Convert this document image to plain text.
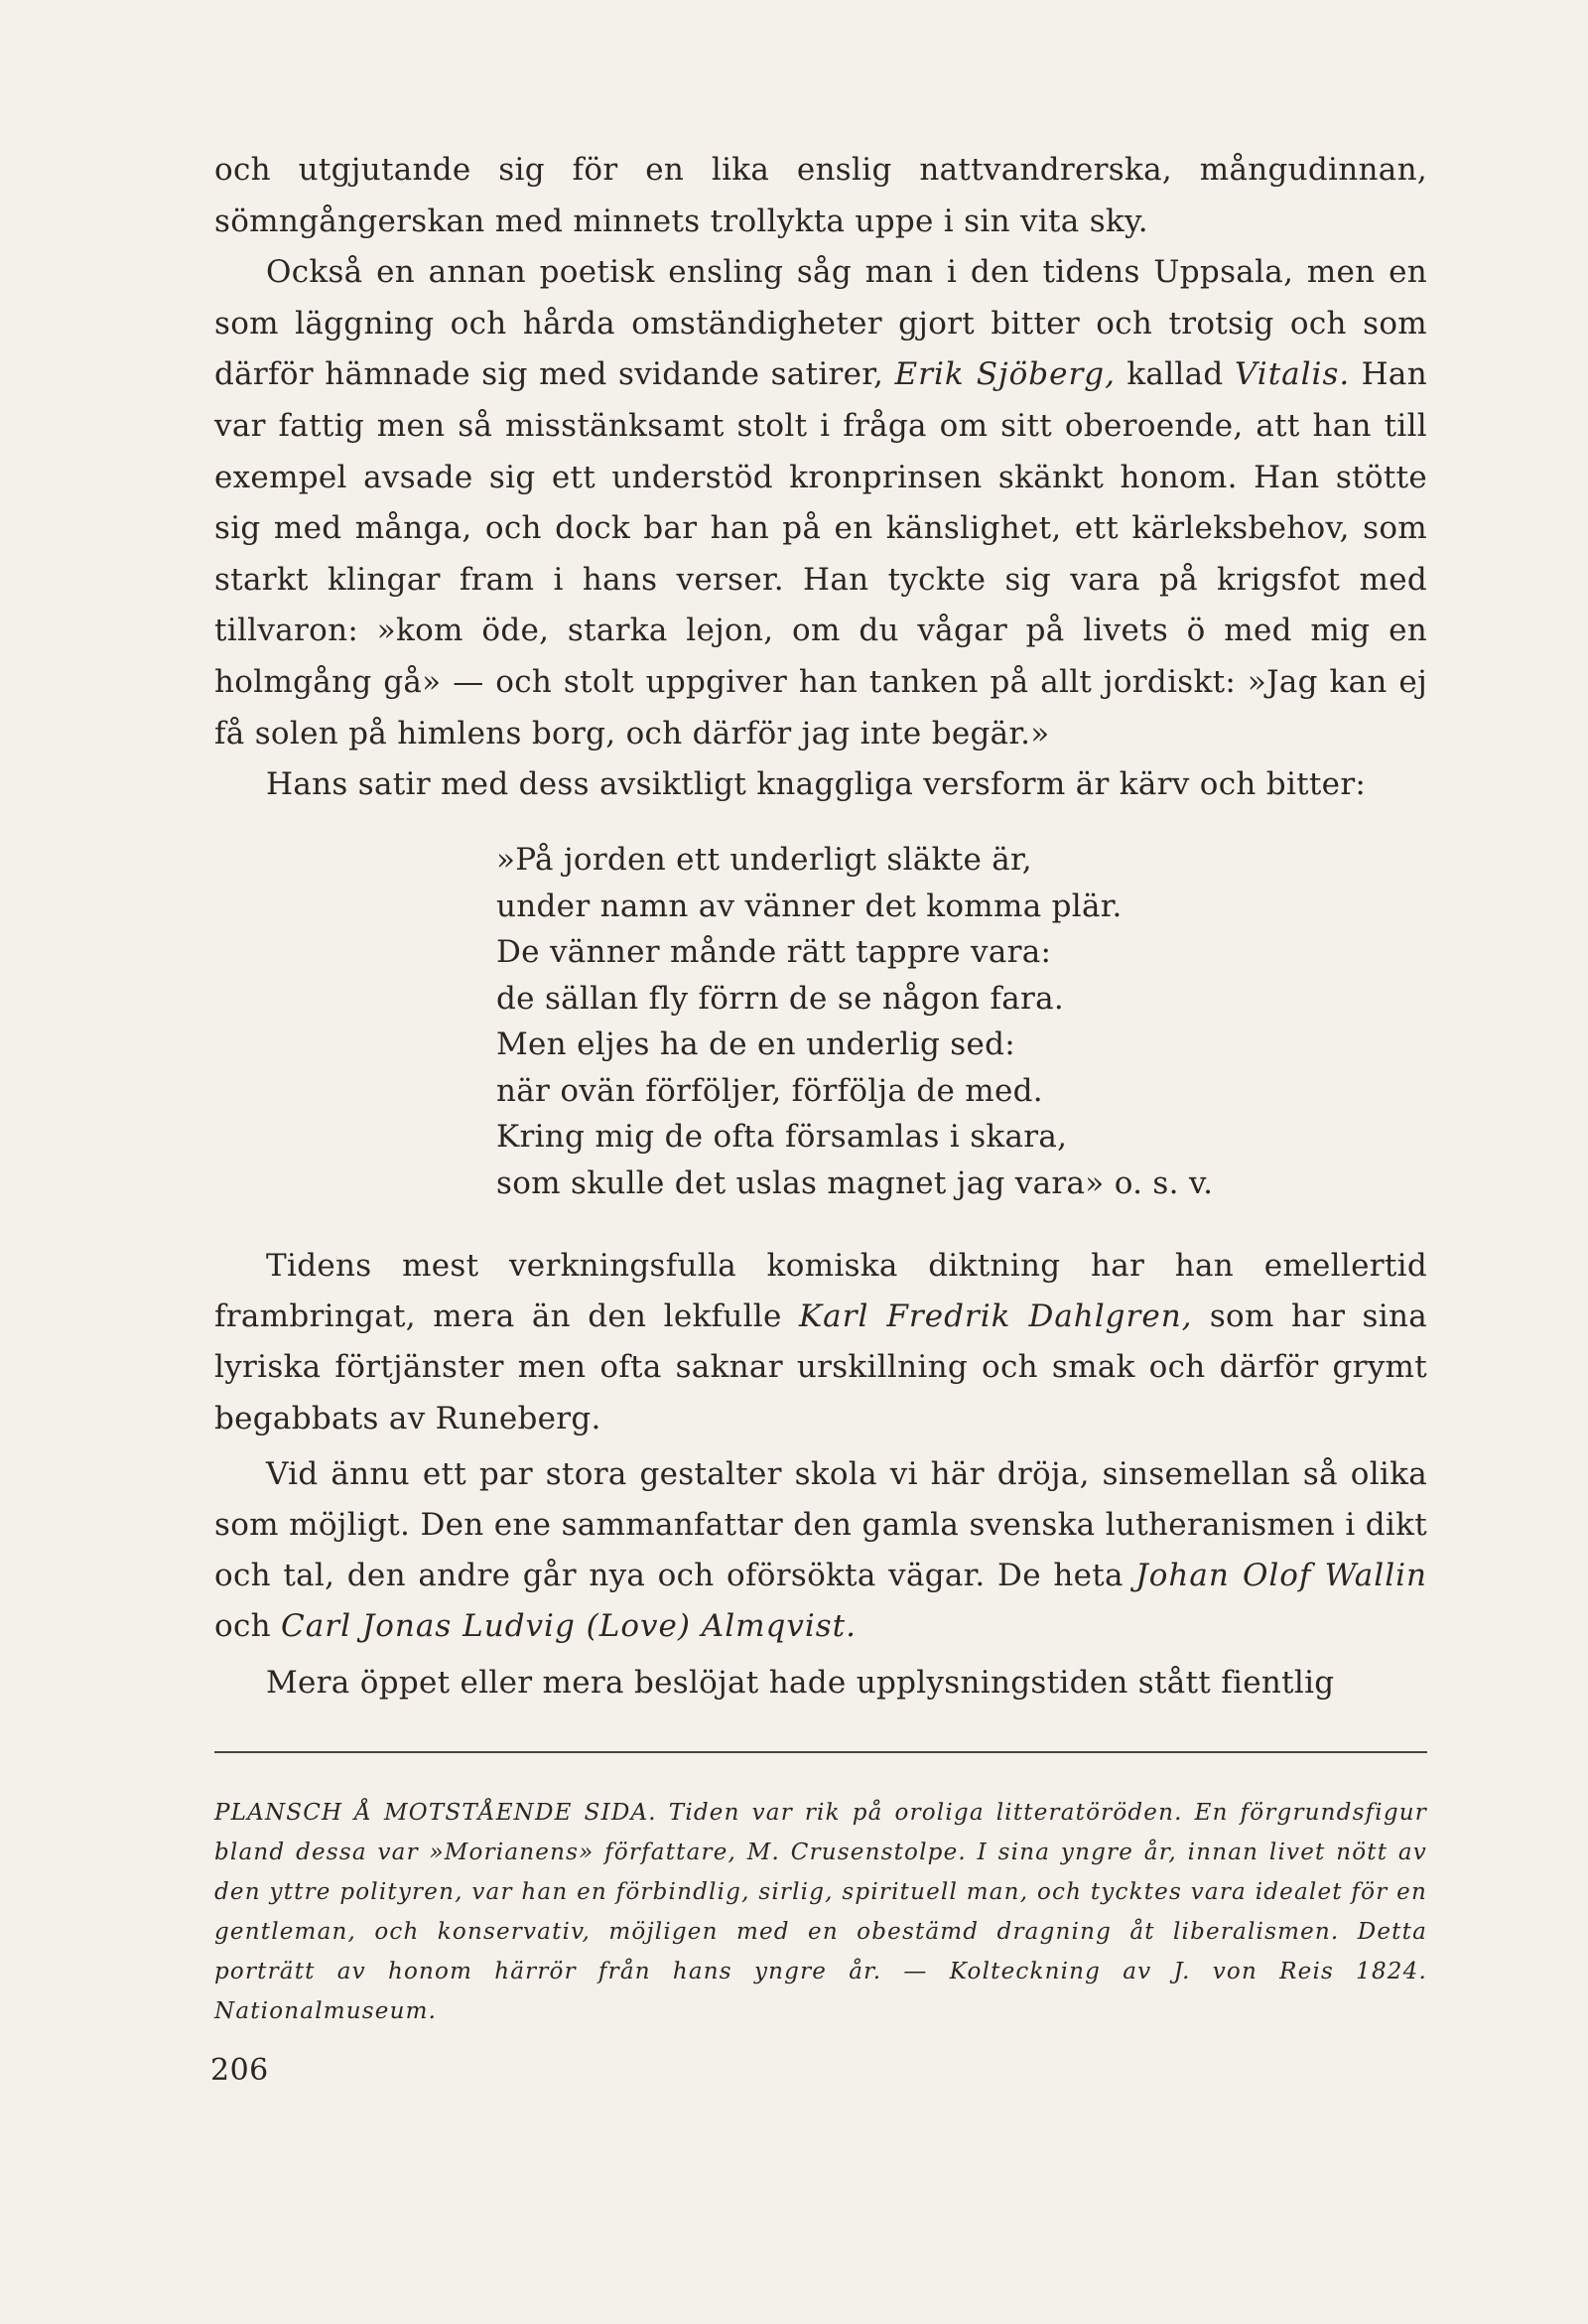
och utgjutande sig för en lika enslig nattvandrerska, mångudinnan, sömngångerskan med minnets trollykta uppe i sin vita sky.

Också en annan poetisk ensling såg man i den tidens Uppsala, men en som läggning och hårda omständigheter gjort bitter och trotsig och som därför hämnade sig med svidande satirer, Erik Sjöberg, kallad Vitalis. Han var fattig men så misstänksamt stolt i fråga om sitt oberoende, att han till exempel avsade sig ett understöd kronprinsen skänkt honom. Han stötte sig med många, och dock bar han på en känslighet, ett kärleksbehov, som starkt klingar fram i hans verser. Han tyckte sig vara på krigsfot med tillvaron: »kom öde, starka lejon, om du vågar på livets ö med mig en holmgång gå» — och stolt uppgiver han tanken på allt jordiskt: »Jag kan ej få solen på himlens borg, och därför jag inte begär.»

Hans satir med dess avsiktligt knaggliga versform är kärv och bitter:

»På jorden ett underligt släkte är,
under namn av vänner det komma plär.
De vänner månde rätt tappre vara:
de sällan fly förrn de se någon fara.
Men eljes ha de en underlig sed:
när ovän förföljer, förfölja de med.
Kring mig de ofta församlas i skara,
som skulle det uslas magnet jag vara» o. s. v.

Tidens mest verkningsfulla komiska diktning har han emellertid frambringat, mera än den lekfulle Karl Fredrik Dahlgren, som har sina lyriska förtjänster men ofta saknar urskillning och smak och därför grymt begabbats av Runeberg.

Vid ännu ett par stora gestalter skola vi här dröja, sinsemellan så olika som möjligt. Den ene sammanfattar den gamla svenska lutheranismen i dikt och tal, den andre går nya och oförsökta vägar. De heta Johan Olof Wallin och Carl Jonas Ludvig (Love) Almqvist.

Mera öppet eller mera beslöjat hade upplysningstiden stått fientlig

PLANSCH Å MOTSTÅENDE SIDA. Tiden var rik på oroliga litteratöröden. En förgrundsfigur bland dessa var »Morianens» författare, M. Crusenstolpe. I sina yngre år, innan livet nött av den yttre polityren, var han en förbindlig, sirlig, spirituell man, och tycktes vara idealet för en gentleman, och konservativ, möjligen med en obestämd dragning åt liberalismen. Detta porträtt av honom härrör från hans yngre år. — Kolteckning av J. von Reis 1824. Nationalmuseum.
206
